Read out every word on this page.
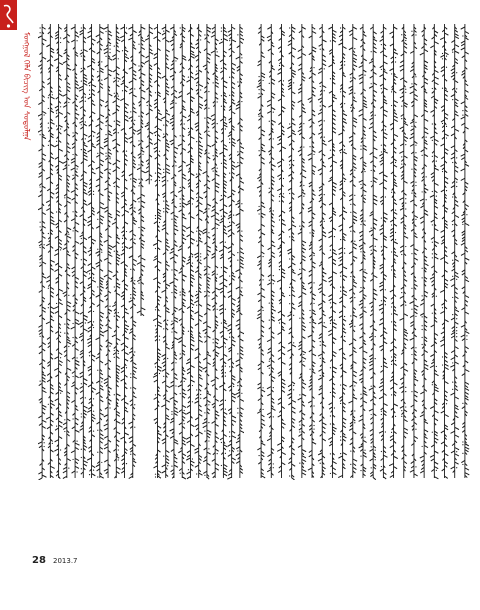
ᠮᠣᠩᠭᠣᠯ ᠬᠡᠯᠡ ᠪᠢᠴᠢᠭ ᠤᠨ ᠰᠤᠳᠤᠯᠭᠠ
28 2013.7
